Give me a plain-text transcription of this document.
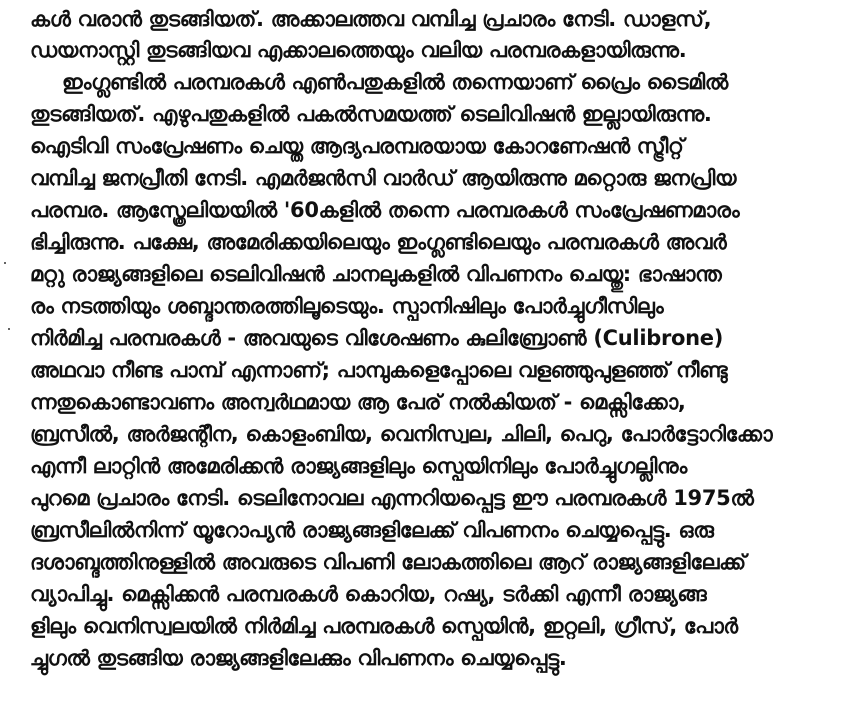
കൾ വരാൻ തുടങ്ങിയത്. അക്കാലത്തവ വമ്പിച്ച പ്രചാരം നേടി. ഡാളസ്,
ഡയനാസ്റ്റി തുടങ്ങിയവ എക്കാലത്തെയും വലിയ പരമ്പരകളായിരുന്നു.
ഇംഗ്ലണ്ടിൽ പരമ്പരകൾ എൺപതുകളിൽ തന്നെയാണ് പ്രൈം ടൈമിൽ
തുടങ്ങിയത്. എഴുപതുകളിൽ പകൽസമയത്ത് ടെലിവിഷൻ ഇല്ലായിരുന്നു.
ഐടിവി സംപ്രേഷണം ചെയ്ത ആദ്യപരമ്പരയായ കോറണേഷൻ സ്ട്രീറ്റ്
വമ്പിച്ച ജനപ്രീതി നേടി. എമർജൻസി വാർഡ് ആയിരുന്നു മറ്റൊരു ജനപ്രിയ
പരമ്പര. ആസ്ത്രേലിയയിൽ '60കളിൽ തന്നെ പരമ്പരകൾ സംപ്രേഷണമാരം
ഭിച്ചിരുന്നു. പക്ഷേ, അമേരിക്കയിലെയും ഇംഗ്ലണ്ടിലെയും പരമ്പരകൾ അവർ
മറ്റു രാജ്യങ്ങളിലെ ടെലിവിഷൻ ചാനലുകളിൽ വിപണനം ചെയ്തു: ഭാഷാന്ത
രം നടത്തിയും ശബ്ദാന്തരത്തിലൂടെയും. സ്പാനിഷിലും പോർച്ചുഗീസിലും
നിർമിച്ച പരമ്പരകൾ - അവയുടെ വിശേഷണം കുലിബ്രോൺ (Culibrone)
അഥവാ നീണ്ട പാമ്പ് എന്നാണ്; പാമ്പുകളെപ്പോലെ വളഞ്ഞുപുളഞ്ഞ് നീണ്ടു
ന്നതുകൊണ്ടാവണം അന്വർഥമായ ആ പേര് നൽകിയത് - മെക്സിക്കോ,
ബ്രസീൽ, അർജന്റീന, കൊളംബിയ, വെനിസ്വല, ചിലി, പെറു, പോർട്ടോറിക്കോ
എന്നീ ലാറ്റിൻ അമേരിക്കൻ രാജ്യങ്ങളിലും സ്പെയിനിലും പോർച്ചുഗല്ലിനും
പുറമെ പ്രചാരം നേടി. ടെലിനോവല എന്നറിയപ്പെട്ട ഈ പരമ്പരകൾ 1975ൽ
ബ്രസീലിൽനിന്ന് യൂറോപ്യൻ രാജ്യങ്ങളിലേക്ക് വിപണനം ചെയ്യപ്പെട്ടു. ഒരു
ദശാബ്ദത്തിനുള്ളിൽ അവരുടെ വിപണി ലോകത്തിലെ ആറ് രാജ്യങ്ങളിലേക്ക്
വ്യാപിച്ചു. മെക്സിക്കൻ പരമ്പരകൾ കൊറിയ, റഷ്യ, ടർക്കി എന്നീ രാജ്യങ്ങ
ളിലും വെനിസ്വലയിൽ നിർമിച്ച പരമ്പരകൾ സ്പെയിൻ, ഇറ്റലി, ഗ്രീസ്, പോർ
ച്ചുഗൽ തുടങ്ങിയ രാജ്യങ്ങളിലേക്കും വിപണനം ചെയ്യപ്പെട്ടു.
